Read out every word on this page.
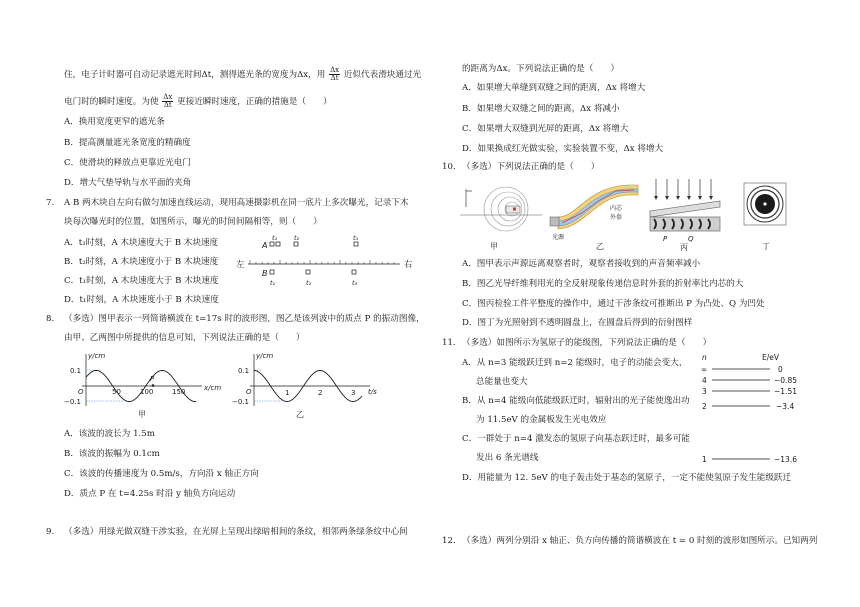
住，电子计时器可自动记录遮光时间Δt，测得遮光条的宽度为Δx，用 $\frac{\Delta x}{\Delta t}$ 近似代表滑块通过光
电门时的瞬时速度。为使 $\frac{\Delta x}{\Delta t}$ 更接近瞬时速度，正确的措施是（　　）
A．换用宽度更窄的遮光条
B．提高测量遮光条宽度的精确度
C．使滑块的释放点更靠近光电门
D．增大气垫导轨与水平面的夹角
7. A B 两木块自左向右做匀加速直线运动，现用高速摄影机在同一底片上多次曝光，记录下木
块每次曝光时的位置，如图所示，曝光的时间间隔相等，则（　　）
A．t₂时刻，A 木块速度大于 B 木块速度
B．t₂时刻，A 木块速度小于 B 木块速度
C．t₁时刻，A 木块速度大于 B 木块速度
D．t₁时刻，A 木块速度小于 B 木块速度
左	右
A
B
t₁	t₂	t₃
t₁	t₂	t₃
8. （多选）图甲表示一列简谐横波在 t=17s 时的波形图，图乙是该列波中的质点 P 的振动图像，
由甲、乙两图中所提供的信息可知，下列说法正确的是（　　）
y/cm
x/cm
0.1
−0.1
O	50	100	150
P
甲
y/cm
t/s
0.1
−0.1
O	1	2	3
乙
A．该波的波长为 1.5m
B．该波的振幅为 0.1cm
C．该波的传播速度为 0.5m/s，方向沿 x 轴正方向
D．质点 P 在 t=4.25s 时沿 y 轴负方向运动
9. （多选）用绿光做双缝干涉实验，在光屏上呈现出绿暗相间的条纹，相邻两条绿条纹中心间
的距离为Δx。下列说法正确的是（　　）
A．如果增大单缝到双缝之间的距离，Δx 将增大
B．如果增大双缝之间的距离，Δx 将减小
C．如果增大双缝到光屏的距离，Δx 将增大
D．如果换成红光做实验，实验装置不变，Δx 将增大
10. （多选）下列说法正确的是（　　）
甲
光源
内芯
外套
乙
P	Q
丙	丁
A．图甲表示声源远离观察者时，观察者接收到的声音频率减小
B．图乙光导纤维利用光的全反射现象传递信息时外套的折射率比内芯的大
C．图丙检验工件平整度的操作中，通过干涉条纹可推断出 P 为凸处、Q 为凹处
D．图丁为光照射到不透明圆盘上，在圆盘后得到的衍射图样
11. （多选）如图所示为氢原子的能级图，下列说法正确的是（　　）
A．从 n=3 能级跃迁到 n=2 能级时，电子的动能会变大，
总能量也变大
B．从 n=4 能级向低能级跃迁时，辐射出的光子能使逸出功
为 11.5eV 的金属板发生光电效应
C．一群处于 n=4 激发态的氢原子向基态跃迁时，最多可能
发出 6 条光谱线
D．用能量为 12. 5eV 的电子轰击处于基态的氢原子，一定不能使氢原子发生能级跃迁
n	E/eV
∞	0
4	−0.85
3	−1.51
2	−3.4
1	−13.6
12. （多选）两列分别沿 x 轴正、负方向传播的简谐横波在 t = 0 时刻的波形如图所示。已知两列
